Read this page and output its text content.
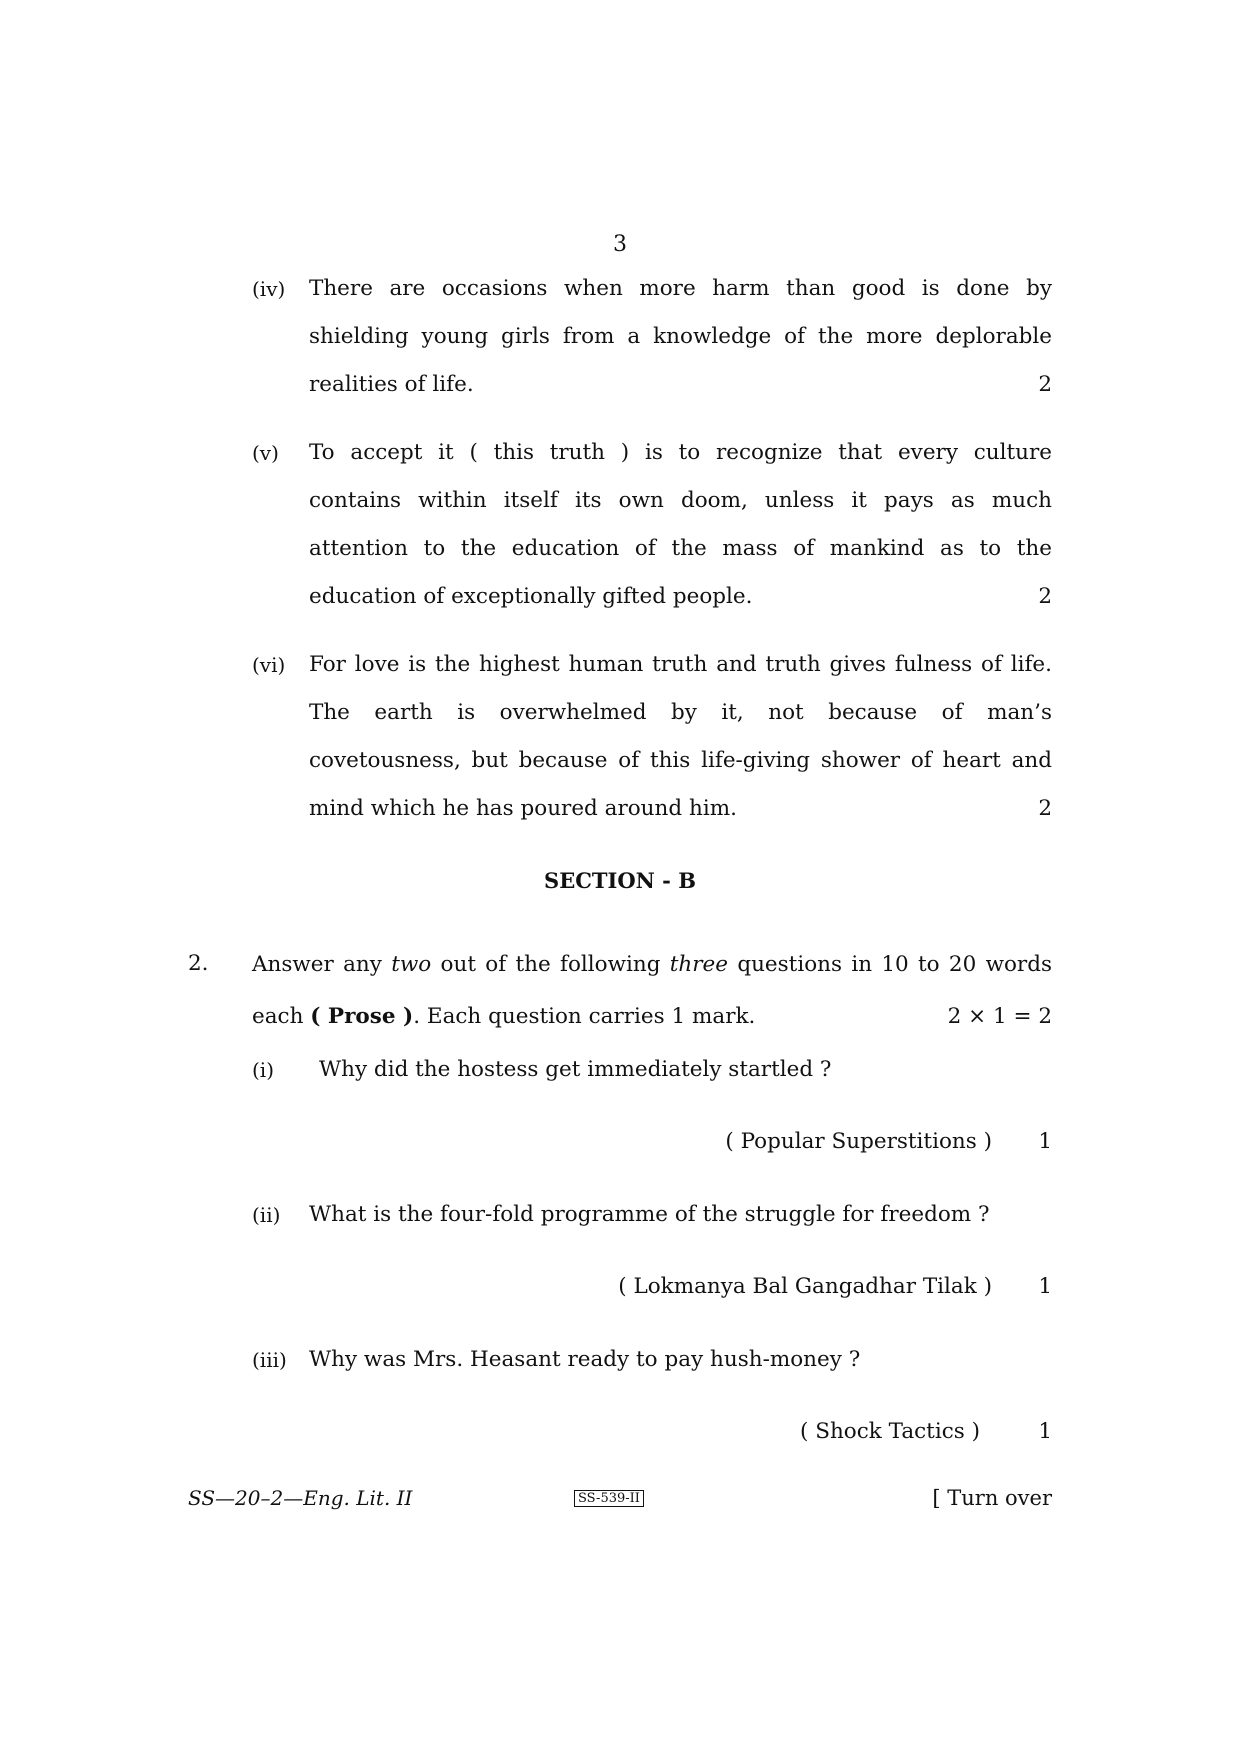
3
(iv) There are occasions when more harm than good is done by
shielding young girls from a knowledge of the more deplorable
realities of life.	2
(v) To accept it ( this truth ) is to recognize that every culture
contains within itself its own doom, unless it pays as much
attention to the education of the mass of mankind as to the
education of exceptionally gifted people.	2
(vi) For love is the highest human truth and truth gives fulness of life.
The earth is overwhelmed by it, not because of man’s
covetousness, but because of this life-giving shower of heart and
mind which he has poured around him.	2
SECTION - B
2. Answer any two out of the following three questions in 10 to 20 words
each ( Prose ). Each question carries 1 mark.	2 × 1 = 2
(i) Why did the hostess get immediately startled ?
( Popular Superstitions )	1
(ii) What is the four-fold programme of the struggle for freedom ?
( Lokmanya Bal Gangadhar Tilak )	1
(iii) Why was Mrs. Heasant ready to pay hush-money ?
( Shock Tactics )	1
SS—20–2—Eng. Lit. II	SS-539-II	[ Turn over
